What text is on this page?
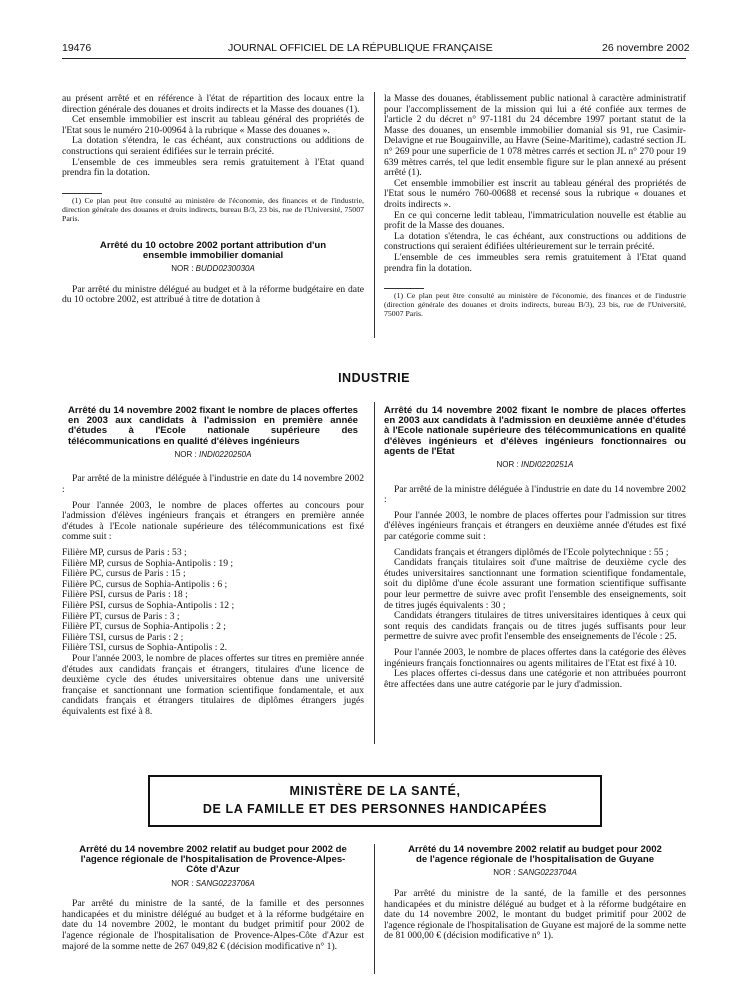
19476	JOURNAL OFFICIEL DE LA RÉPUBLIQUE FRANÇAISE	26 novembre 2002

au présent arrêté et en référence à l'état de répartition des locaux entre la direction générale des douanes et droits indirects et la Masse des douanes (1).

Cet ensemble immobilier est inscrit au tableau général des propriétés de l'Etat sous le numéro 210-00964 à la rubrique « Masse des douanes ».

La dotation s'étendra, le cas échéant, aux constructions ou additions de constructions qui seraient édifiées sur le terrain précité.

L'ensemble de ces immeubles sera remis gratuitement à l'Etat quand prendra fin la dotation.

(1) Ce plan peut être consulté au ministère de l'économie, des finances et de l'industrie, direction générale des douanes et droits indirects, bureau B/3, 23 bis, rue de l'Université, 75007 Paris.

Arrêté du 10 octobre 2002 portant attribution d'un ensemble immobilier domanial
NOR : BUDD0230030A

Par arrêté du ministre délégué au budget et à la réforme budgétaire en date du 10 octobre 2002, est attribué à titre de dotation à

la Masse des douanes, établissement public national à caractère administratif pour l'accomplissement de la mission qui lui a été confiée aux termes de l'article 2 du décret n° 97-1181 du 24 décembre 1997 portant statut de la Masse des douanes, un ensemble immobilier domanial sis 91, rue Casimir-Delavigne et rue Bougainville, au Havre (Seine-Maritime), cadastré section JL n° 269 pour une superficie de 1 078 mètres carrés et section JL n° 270 pour 19 639 mètres carrés, tel que ledit ensemble figure sur le plan annexé au présent arrêté (1).

Cet ensemble immobilier est inscrit au tableau général des propriétés de l'Etat sous le numéro 760-00688 et recensé sous la rubrique « douanes et droits indirects ».

En ce qui concerne ledit tableau, l'immatriculation nouvelle est établie au profit de la Masse des douanes.

La dotation s'étendra, le cas échéant, aux constructions ou additions de constructions qui seraient édifiées ultérieurement sur le terrain précité.

L'ensemble de ces immeubles sera remis gratuitement à l'Etat quand prendra fin la dotation.

(1) Ce plan peut être consulté au ministère de l'économie, des finances et de l'industrie (direction générale des douanes et droits indirects, bureau B/3), 23 bis, rue de l'Université, 75007 Paris.

INDUSTRIE
Arrêté du 14 novembre 2002 fixant le nombre de places offertes en 2003 aux candidats à l'admission en première année d'études à l'Ecole nationale supérieure des télécommunications en qualité d'élèves ingénieurs
NOR : INDI0220250A

Par arrêté de la ministre déléguée à l'industrie en date du 14 novembre 2002 :

Pour l'année 2003, le nombre de places offertes au concours pour l'admission d'élèves ingénieurs français et étrangers en première année d'études à l'Ecole nationale supérieure des télécommunications est fixé comme suit :

Filière MP, cursus de Paris : 53 ;

Filière MP, cursus de Sophia-Antipolis : 19 ;

Filière PC, cursus de Paris : 15 ;

Filière PC, cursus de Sophia-Antipolis : 6 ;

Filière PSI, cursus de Paris : 18 ;

Filière PSI, cursus de Sophia-Antipolis : 12 ;

Filière PT, cursus de Paris : 3 ;

Filière PT, cursus de Sophia-Antipolis : 2 ;

Filière TSI, cursus de Paris : 2 ;

Filière TSI, cursus de Sophia-Antipolis : 2.

Pour l'année 2003, le nombre de places offertes sur titres en première année d'études aux candidats français et étrangers, titulaires d'une licence de deuxième cycle des études universitaires obtenue dans une université française et sanctionnant une formation scientifique fondamentale, et aux candidats français et étrangers titulaires de diplômes étrangers jugés équivalents est fixé à 8.

Arrêté du 14 novembre 2002 fixant le nombre de places offertes en 2003 aux candidats à l'admission en deuxième année d'études à l'Ecole nationale supérieure des télécommunications en qualité d'élèves ingénieurs et d'élèves ingénieurs fonctionnaires ou agents de l'Etat
NOR : INDI0220251A

Par arrêté de la ministre déléguée à l'industrie en date du 14 novembre 2002 :

Pour l'année 2003, le nombre de places offertes pour l'admission sur titres d'élèves ingénieurs français et étrangers en deuxième année d'études est fixé par catégorie comme suit :

Candidats français et étrangers diplômés de l'Ecole polytechnique : 55 ;

Candidats français titulaires soit d'une maîtrise de deuxième cycle des études universitaires sanctionnant une formation scientifique fondamentale, soit du diplôme d'une école assurant une formation scientifique suffisante pour leur permettre de suivre avec profit l'ensemble des enseignements, soit de titres jugés équivalents : 30 ;

Candidats étrangers titulaires de titres universitaires identiques à ceux qui sont requis des candidats français ou de titres jugés suffisants pour leur permettre de suivre avec profit l'ensemble des enseignements de l'école : 25.

Pour l'année 2003, le nombre de places offertes dans la catégorie des élèves ingénieurs français fonctionnaires ou agents militaires de l'Etat est fixé à 10.

Les places offertes ci-dessus dans une catégorie et non attribuées pourront être affectées dans une autre catégorie par le jury d'admission.

MINISTÈRE DE LA SANTÉ,
DE LA FAMILLE ET DES PERSONNES HANDICAPÉES
Arrêté du 14 novembre 2002 relatif au budget pour 2002 de l'agence régionale de l'hospitalisation de Provence-Alpes-Côte d'Azur
NOR : SANG0223706A

Par arrêté du ministre de la santé, de la famille et des personnes handicapées et du ministre délégué au budget et à la réforme budgétaire en date du 14 novembre 2002, le montant du budget primitif pour 2002 de l'agence régionale de l'hospitalisation de Provence-Alpes-Côte d'Azur est majoré de la somme nette de 267 049,82 € (décision modificative n° 1).

Arrêté du 14 novembre 2002 relatif au budget pour 2002 de l'agence régionale de l'hospitalisation de Guyane
NOR : SANG0223704A

Par arrêté du ministre de la santé, de la famille et des personnes handicapées et du ministre délégué au budget et à la réforme budgétaire en date du 14 novembre 2002, le montant du budget primitif pour 2002 de l'agence régionale de l'hospitalisation de Guyane est majoré de la somme nette de 81 000,00 € (décision modificative n° 1).
